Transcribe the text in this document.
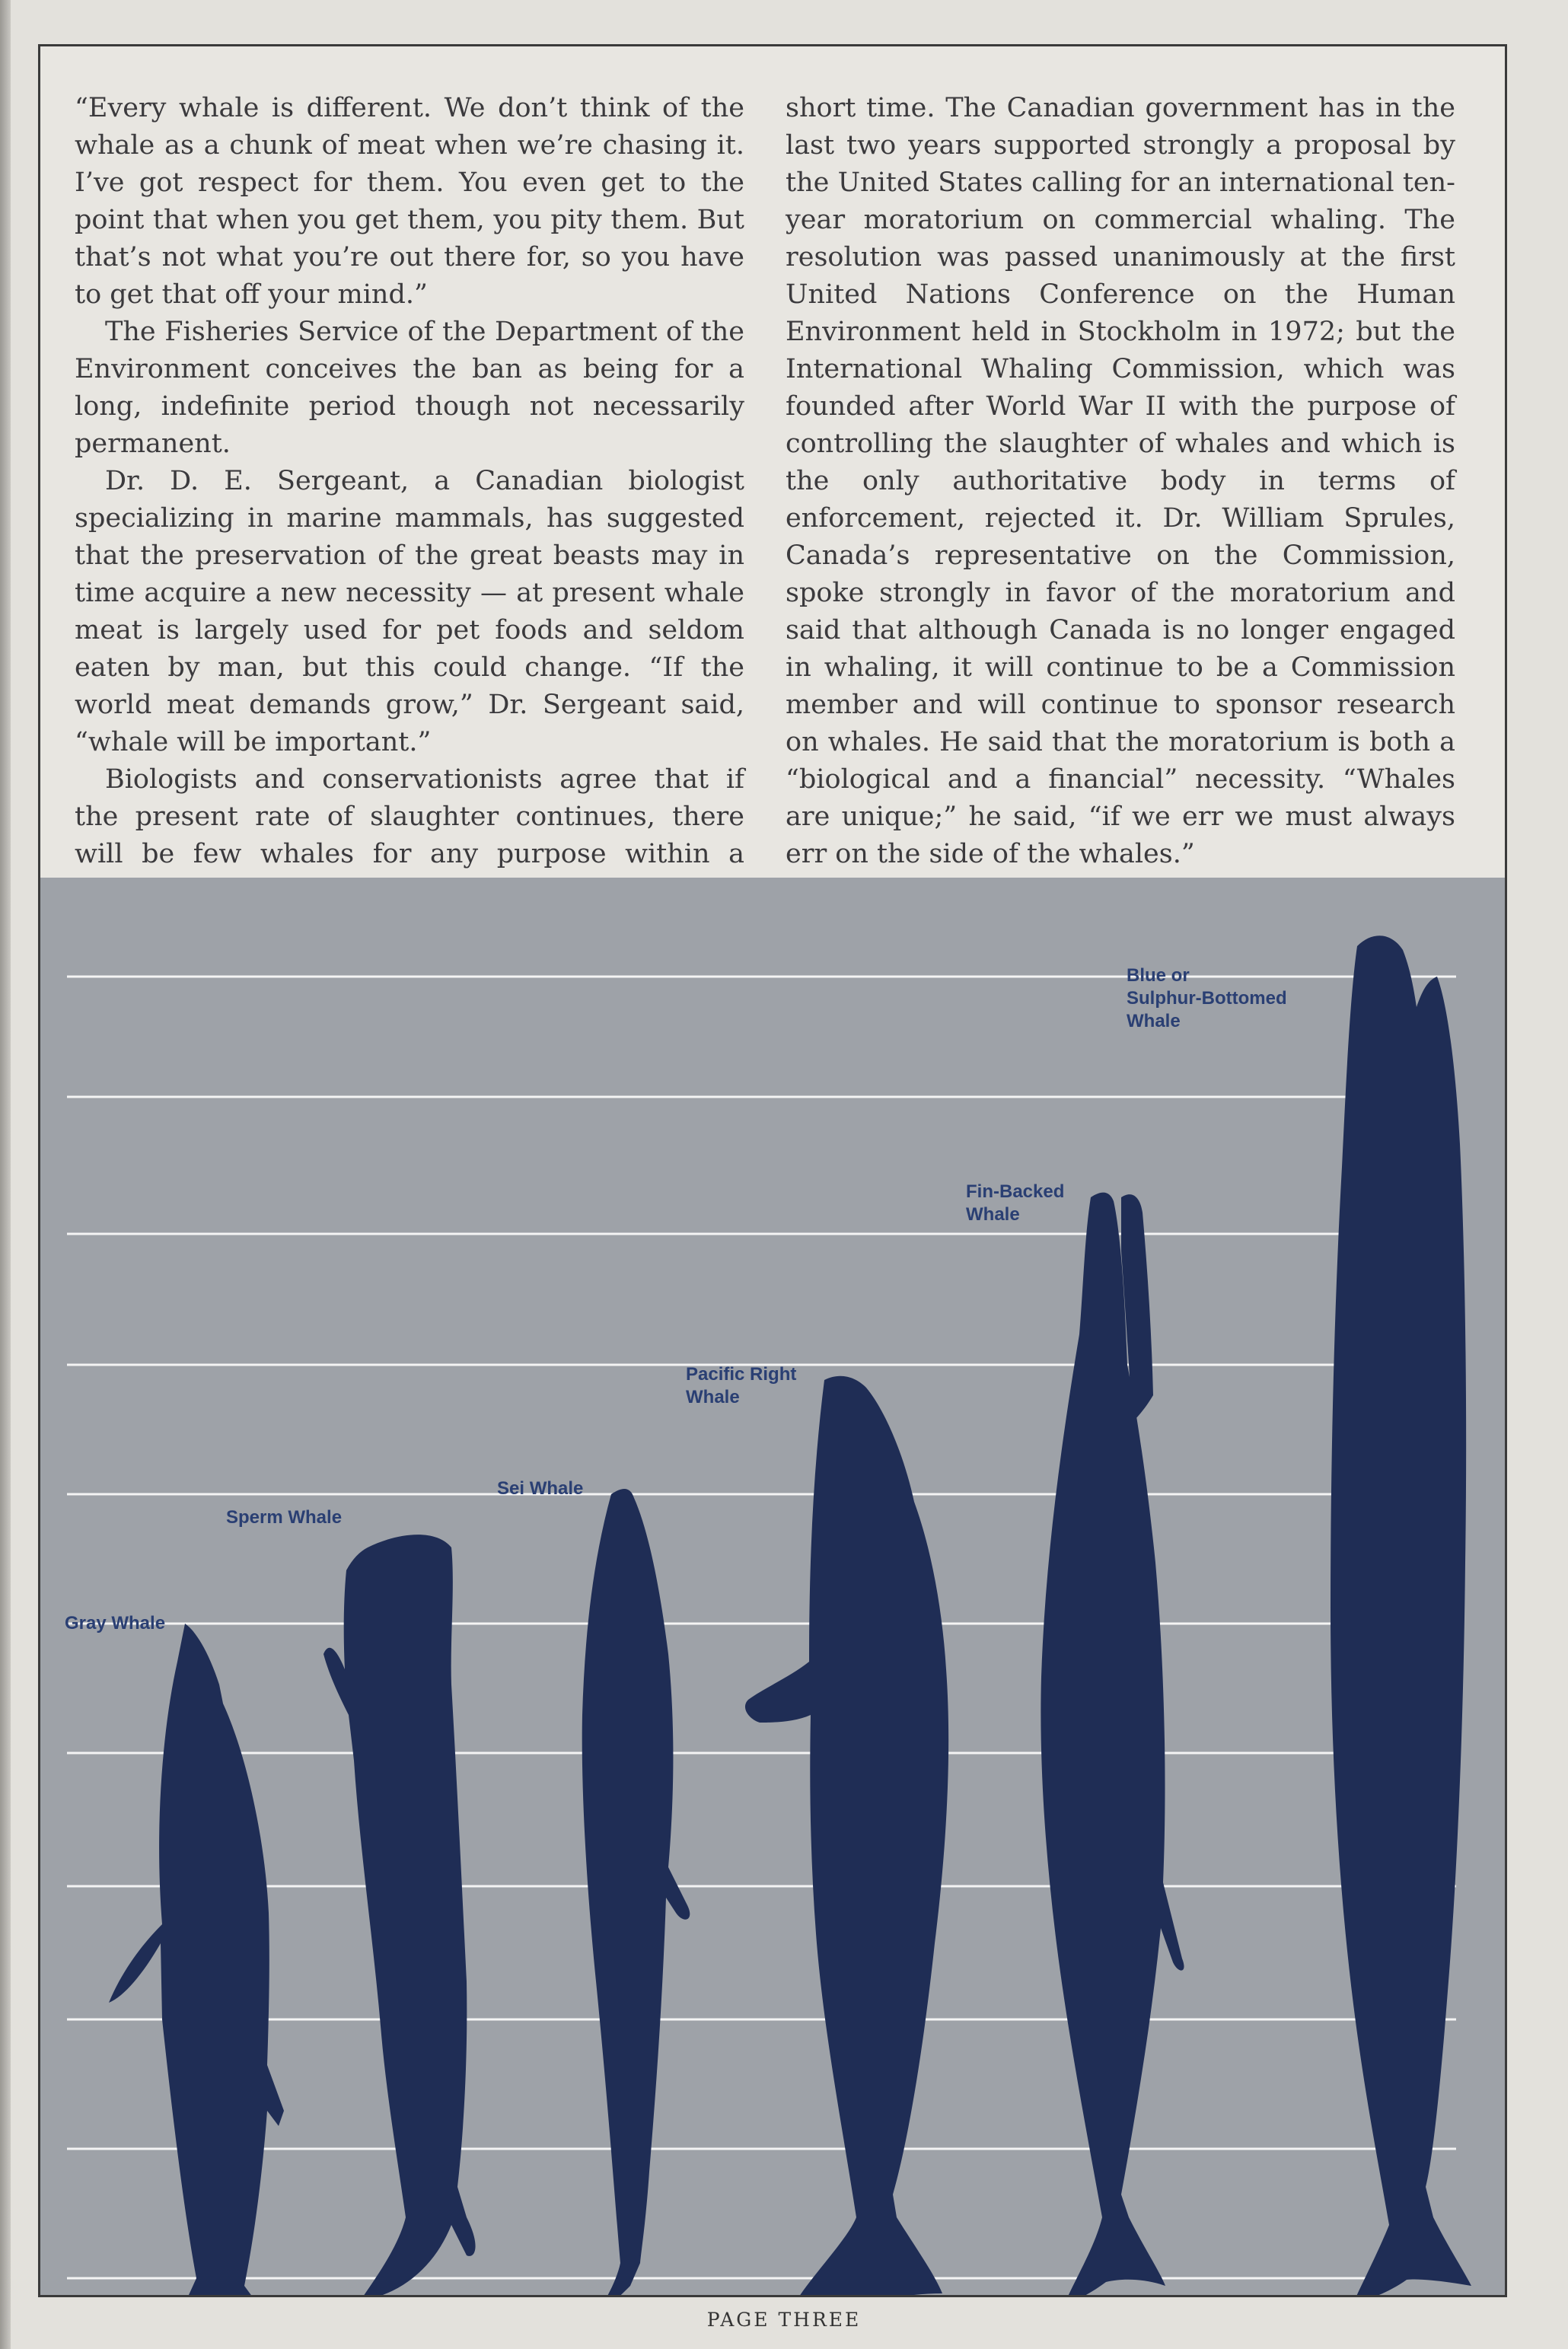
“Every whale is different. We don’t think of the whale as a chunk of meat when we’re chasing it. I’ve got respect for them. You even get to the point that when you get them, you pity them. But that’s not what you’re out there for, so you have to get that off your mind.”

The Fisheries Service of the Department of the Environment conceives the ban as being for a long, indefinite period though not necessarily permanent.

Dr. D. E. Sergeant, a Canadian biologist specializing in marine mammals, has suggested that the preservation of the great beasts may in time acquire a new necessity — at present whale meat is largely used for pet foods and seldom eaten by man, but this could change. “If the world meat demands grow,” Dr. Sergeant said, “whale will be important.”

Biologists and conservationists agree that if the present rate of slaughter continues, there will be few whales for any purpose within a

short time. The Canadian government has in the last two years supported strongly a proposal by the United States calling for an international ten-year moratorium on commercial whaling. The resolution was passed unanimously at the first United Nations Conference on the Human Environment held in Stockholm in 1972; but the International Whaling Commission, which was founded after World War II with the purpose of controlling the slaughter of whales and which is the only authoritative body in terms of enforcement, rejected it. Dr. William Sprules, Canada’s representative on the Commission, spoke strongly in favor of the moratorium and said that although Canada is no longer engaged in whaling, it will continue to be a Commission member and will continue to sponsor research on whales. He said that the moratorium is both a “biological and a financial” necessity. “Whales are unique;” he said, “if we err we must always err on the side of the whales.”

Gray Whale
Sperm Whale
Sei Whale
Pacific Right
Whale
Fin-Backed
Whale
Blue or
Sulphur-Bottomed
Whale
PAGE THREE
